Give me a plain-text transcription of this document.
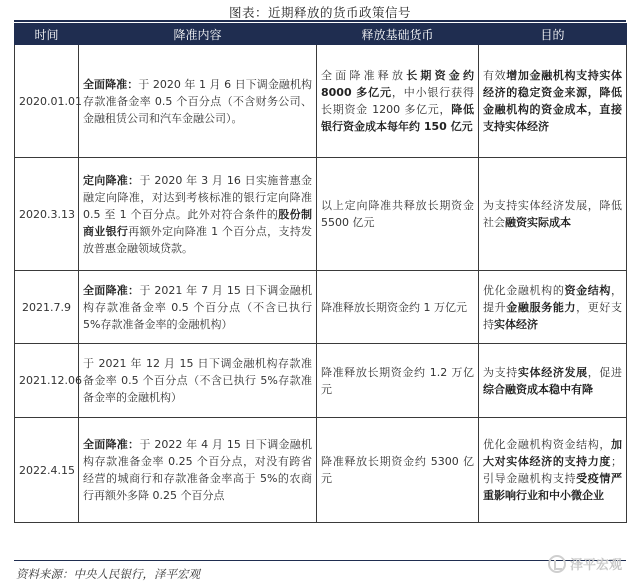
图表：近期释放的货币政策信号
时间	降准内容	释放基础货币	目的
2020.01.01	全面降准：于 2020 年 1 月 6 日下调金融机构存款准备金率 0.5 个百分点（不含财务公司、金融租赁公司和汽车金融公司）。	全面降准释放长期资金约 8000 多亿元，中小银行获得长期资金 1200 多亿元，降低银行资金成本每年约 150 亿元	有效增加金融机构支持实体经济的稳定资金来源，降低金融机构的资金成本，直接支持实体经济
2020.3.13	定向降准：于 2020 年 3 月 16 日实施普惠金融定向降准，对达到考核标准的银行定向降准 0.5 至 1 个百分点。此外对符合条件的股份制商业银行再额外定向降准 1 个百分点，支持发放普惠金融领域贷款。	以上定向降准共释放长期资金 5500 亿元	为支持实体经济发展，降低社会融资实际成本
2021.7.9	全面降准：于 2021 年 7 月 15 日下调金融机构存款准备金率 0.5 个百分点（不含已执行 5%存款准备金率的金融机构）	降准释放长期资金约 1 万亿元	优化金融机构的资金结构，提升金融服务能力，更好支持实体经济
2021.12.06	于 2021 年 12 月 15 日下调金融机构存款准备金率 0.5 个百分点（不含已执行 5%存款准备金率的金融机构）	降准释放长期资金约 1.2 万亿元	为支持实体经济发展，促进综合融资成本稳中有降
2022.4.15	全面降准：于 2022 年 4 月 15 日下调金融机构存款准备金率 0.25 个百分点，对没有跨省经营的城商行和存款准备金率高于 5%的农商行再额外多降 0.25 个百分点	降准释放长期资金约 5300 亿元	优化金融机构资金结构，加大对实体经济的支持力度；引导金融机构支持受疫情严重影响行业和中小微企业
资料来源：中央人民银行，泽平宏观
泽平宏观
